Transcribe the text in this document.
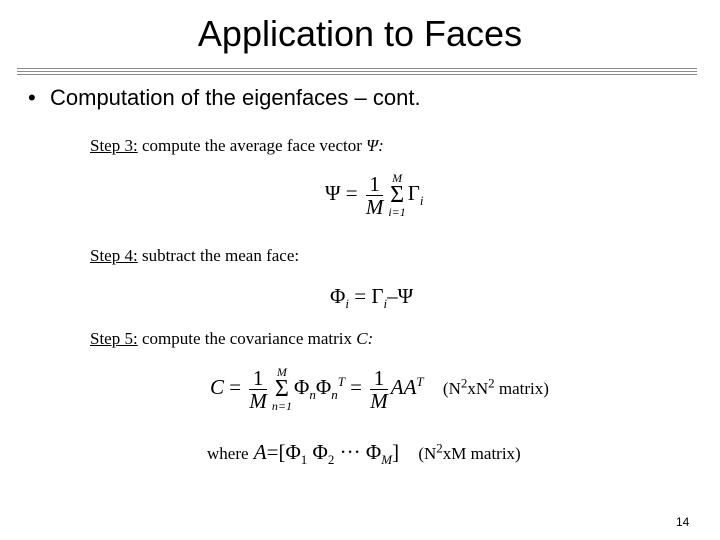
Application to Faces
• Computation of the eigenfaces – cont.
Step 3: compute the average face vector Ψ:
$\Psi = \frac{1}{M}$ M
Σ
i=1
$\Gamma_i$
Step 4: subtract the mean face:
$\Phi_i = \Gamma_i-\Psi$
Step 5: compute the covariance matrix C:
$C = \frac{1}{M}$ M
Σ
n=1
$\Phi_n\Phi_n^T = \frac{1}{M} AA^T$ ($N^2xN^2$ matrix)
where $A=[\Phi_1$ $\Phi_2$ ··· $\Phi_M$] ($N^2xM$ matrix)
14
